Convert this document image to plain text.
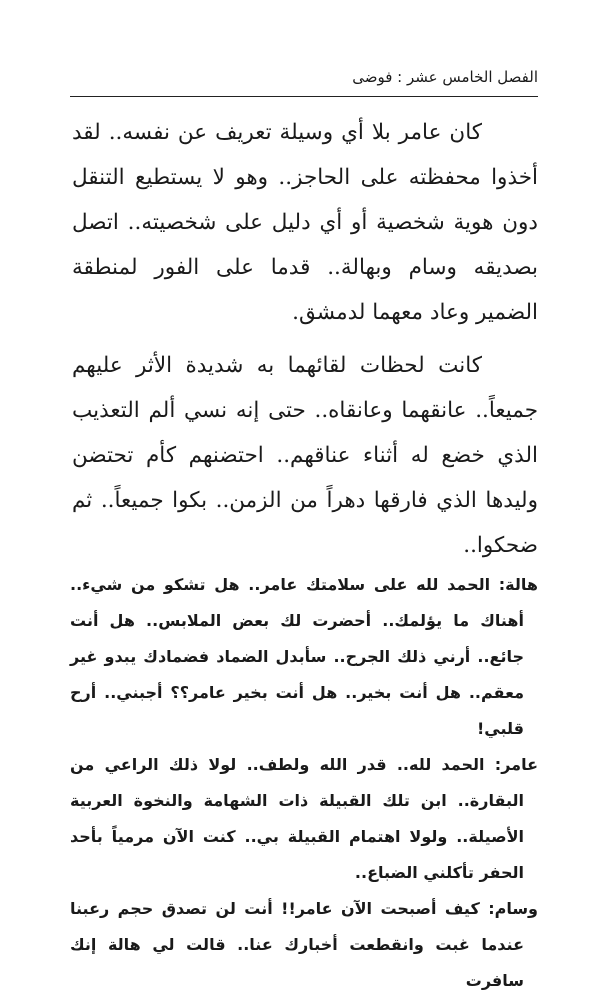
الفصل الخامس عشر : فوضى

كان عامر بلا أي وسيلة تعريف عن نفسه.. لقد أخذوا محفظته على الحاجز.. وهو لا يستطيع التنقل دون هوية شخصية أو أي دليل على شخصيته.. اتصل بصديقه وسام وبهالة.. قدما على الفور لمنطقة الضمير وعاد معهما لدمشق.

كانت لحظات لقائهما به شديدة الأثر عليهم جميعاً.. عانقهما وعانقاه.. حتى إنه نسي ألم التعذيب الذي خضع له أثناء عناقهم.. احتضنهم كأم تحتضن وليدها الذي فارقها دهراً من الزمن.. بكوا جميعاً.. ثم ضحكوا..

هالة: الحمد لله على سلامتك عامر.. هل تشكو من شيء.. أهناك ما يؤلمك.. أحضرت لك بعض الملابس.. هل أنت جائع.. أرني ذلك الجرح.. سأبدل الضماد فضمادك يبدو غير معقم.. هل أنت بخير.. هل أنت بخير عامر؟؟ أجبني.. أرح قلبي!

عامر: الحمد لله.. قدر الله ولطف.. لولا ذلك الراعي من البقارة.. ابن تلك القبيلة ذات الشهامة والنخوة العربية الأصيلة.. ولولا اهتمام القبيلة بي.. كنت الآن مرمياً بأحد الحفر تأكلني الضباع..

وسام: كيف أصبحت الآن عامر!! أنت لن تصدق حجم رعبنا عندما غبت وانقطعت أخبارك عنا.. قالت لي هالة إنك سافرت
